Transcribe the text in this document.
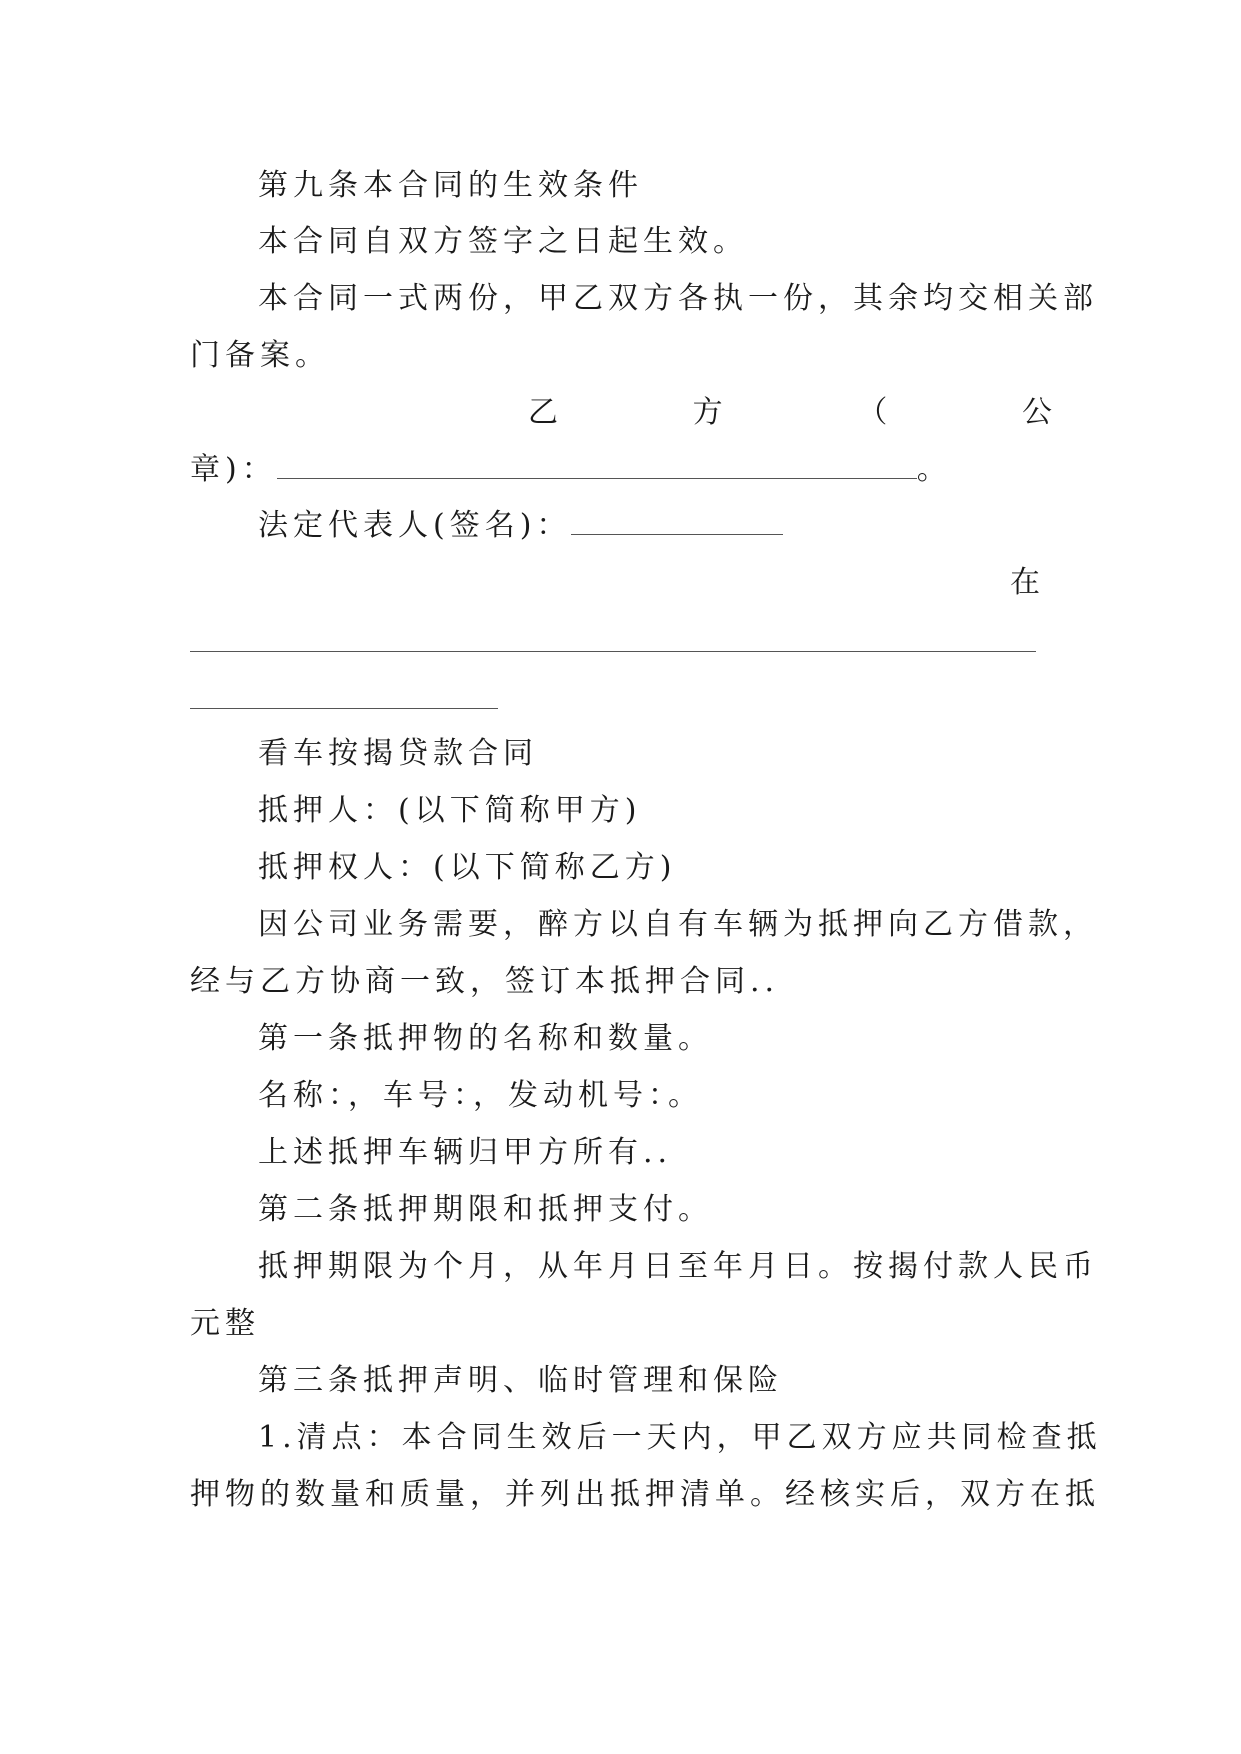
第九条本合同的生效条件
本合同自双方签字之日起生效。
本合同一式两份，甲乙双方各执一份，其余均交相关部
门备案。
乙	方	（	公
章)：	。
法定代表人(签名)：
在
看车按揭贷款合同
抵押人：(以下简称甲方)
抵押权人：(以下简称乙方)
因公司业务需要，醉方以自有车辆为抵押向乙方借款，
经与乙方协商一致，签订本抵押合同..
第一条抵押物的名称和数量。
名称：，车号：，发动机号：。
上述抵押车辆归甲方所有..
第二条抵押期限和抵押支付。
抵押期限为个月，从年月日至年月日。按揭付款人民币
元整
第三条抵押声明、临时管理和保险
1.清点：本合同生效后一天内，甲乙双方应共同检查抵
押物的数量和质量，并列出抵押清单。经核实后，双方在抵
